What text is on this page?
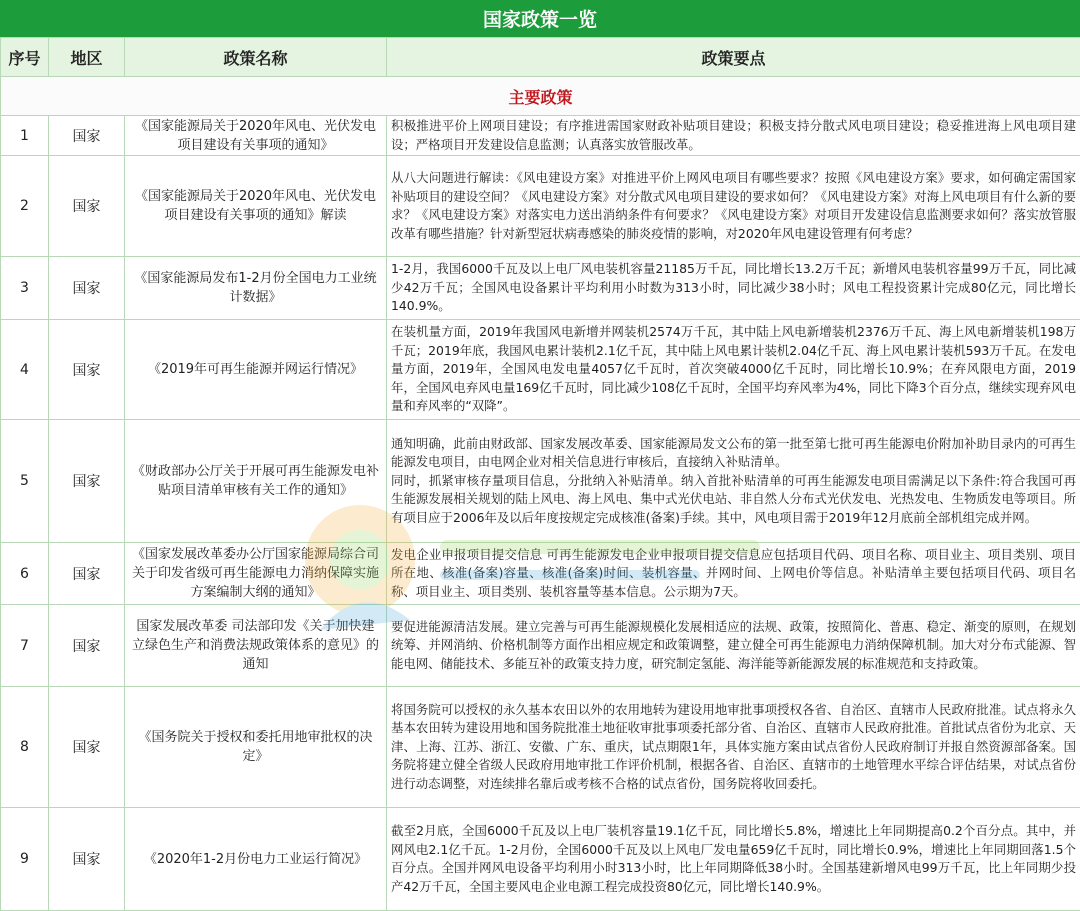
国家政策一览
序号	地区	政策名称	政策要点
主要政策			
1	国家	《国家能源局关于2020年风电、光伏发电项目建设有关事项的通知》	积极推进平价上网项目建设；有序推进需国家财政补贴项目建设；积极支持分散式风电项目建设；稳妥推进海上风电项目建设；严格项目开发建设信息监测；认真落实放管服改革。
2	国家	《国家能源局关于2020年风电、光伏发电项目建设有关事项的通知》解读	从八大问题进行解读：《风电建设方案》对推进平价上网风电项目有哪些要求？按照《风电建设方案》要求，如何确定需国家补贴项目的建设空间？《风电建设方案》对分散式风电项目建设的要求如何？《风电建设方案》对海上风电项目有什么新的要求？《风电建设方案》对落实电力送出消纳条件有何要求？《风电建设方案》对项目开发建设信息监测要求如何？落实放管服改革有哪些措施？针对新型冠状病毒感染的肺炎疫情的影响，对2020年风电建设管理有何考虑？
3	国家	《国家能源局发布1-2月份全国电力工业统计数据》	1-2月，我国6000千瓦及以上电厂风电装机容量21185万千瓦，同比增长13.2万千瓦；新增风电装机容量99万千瓦，同比减少42万千瓦；全国风电设备累计平均利用小时数为313小时，同比减少38小时；风电工程投资累计完成80亿元，同比增长140.9%。
4	国家	《2019年可再生能源并网运行情况》	在装机量方面，2019年我国风电新增并网装机2574万千瓦，其中陆上风电新增装机2376万千瓦、海上风电新增装机198万千瓦；2019年底，我国风电累计装机2.1亿千瓦，其中陆上风电累计装机2.04亿千瓦、海上风电累计装机593万千瓦。在发电量方面，2019年，全国风电发电量4057亿千瓦时，首次突破4000亿千瓦时，同比增长10.9%；在弃风限电方面，2019年，全国风电弃风电量169亿千瓦时，同比减少108亿千瓦时，全国平均弃风率为4%，同比下降3个百分点，继续实现弃风电量和弃风率的“双降”。
5	国家	《财政部办公厅关于开展可再生能源发电补贴项目清单审核有关工作的通知》	通知明确，此前由财政部、国家发展改革委、国家能源局发文公布的第一批至第七批可再生能源电价附加补助目录内的可再生能源发电项目，由电网企业对相关信息进行审核后，直接纳入补贴清单。
同时，抓紧审核存量项目信息，分批纳入补贴清单。纳入首批补贴清单的可再生能源发电项目需满足以下条件:符合我国可再生能源发展相关规划的陆上风电、海上风电、集中式光伏电站、非自然人分布式光伏发电、光热发电、生物质发电等项目。所有项目应于2006年及以后年度按规定完成核准(备案)手续。其中，风电项目需于2019年12月底前全部机组完成并网。

6	国家	《国家发展改革委办公厅国家能源局综合司关于印发省级可再生能源电力消纳保障实施方案编制大纲的通知》	发电企业申报项目提交信息 可再生能源发电企业申报项目提交信息应包括项目代码、项目名称、项目业主、项目类别、项目所在地、核准(备案)容量、核准(备案)时间、装机容量、并网时间、上网电价等信息。补贴清单主要包括项目代码、项目名称、项目业主、项目类别、装机容量等基本信息。公示期为7天。
7	国家	国家发展改革委 司法部印发《关于加快建立绿色生产和消费法规政策体系的意见》的通知	要促进能源清洁发展。建立完善与可再生能源规模化发展相适应的法规、政策，按照简化、普惠、稳定、渐变的原则，在规划统筹、并网消纳、价格机制等方面作出相应规定和政策调整，建立健全可再生能源电力消纳保障机制。加大对分布式能源、智能电网、储能技术、多能互补的政策支持力度，研究制定氢能、海洋能等新能源发展的标准规范和支持政策。
8	国家	《国务院关于授权和委托用地审批权的决定》	将国务院可以授权的永久基本农田以外的农用地转为建设用地审批事项授权各省、自治区、直辖市人民政府批准。试点将永久基本农田转为建设用地和国务院批准土地征收审批事项委托部分省、自治区、直辖市人民政府批准。首批试点省份为北京、天津、上海、江苏、浙江、安徽、广东、重庆，试点期限1年，具体实施方案由试点省份人民政府制订并报自然资源部备案。国务院将建立健全省级人民政府用地审批工作评价机制，根据各省、自治区、直辖市的土地管理水平综合评估结果，对试点省份进行动态调整，对连续排名靠后或考核不合格的试点省份，国务院将收回委托。
9	国家	《2020年1-2月份电力工业运行简况》	截至2月底，全国6000千瓦及以上电厂装机容量19.1亿千瓦，同比增长5.8%，增速比上年同期提高0.2个百分点。其中，并网风电2.1亿千瓦。1-2月份，全国6000千瓦及以上风电厂发电量659亿千瓦时，同比增长0.9%，增速比上年同期回落1.5个百分点。全国并网风电设备平均利用小时313小时，比上年同期降低38小时。全国基建新增风电99万千瓦，比上年同期少投产42万千瓦，全国主要风电企业电源工程完成投资80亿元，同比增长140.9%。
